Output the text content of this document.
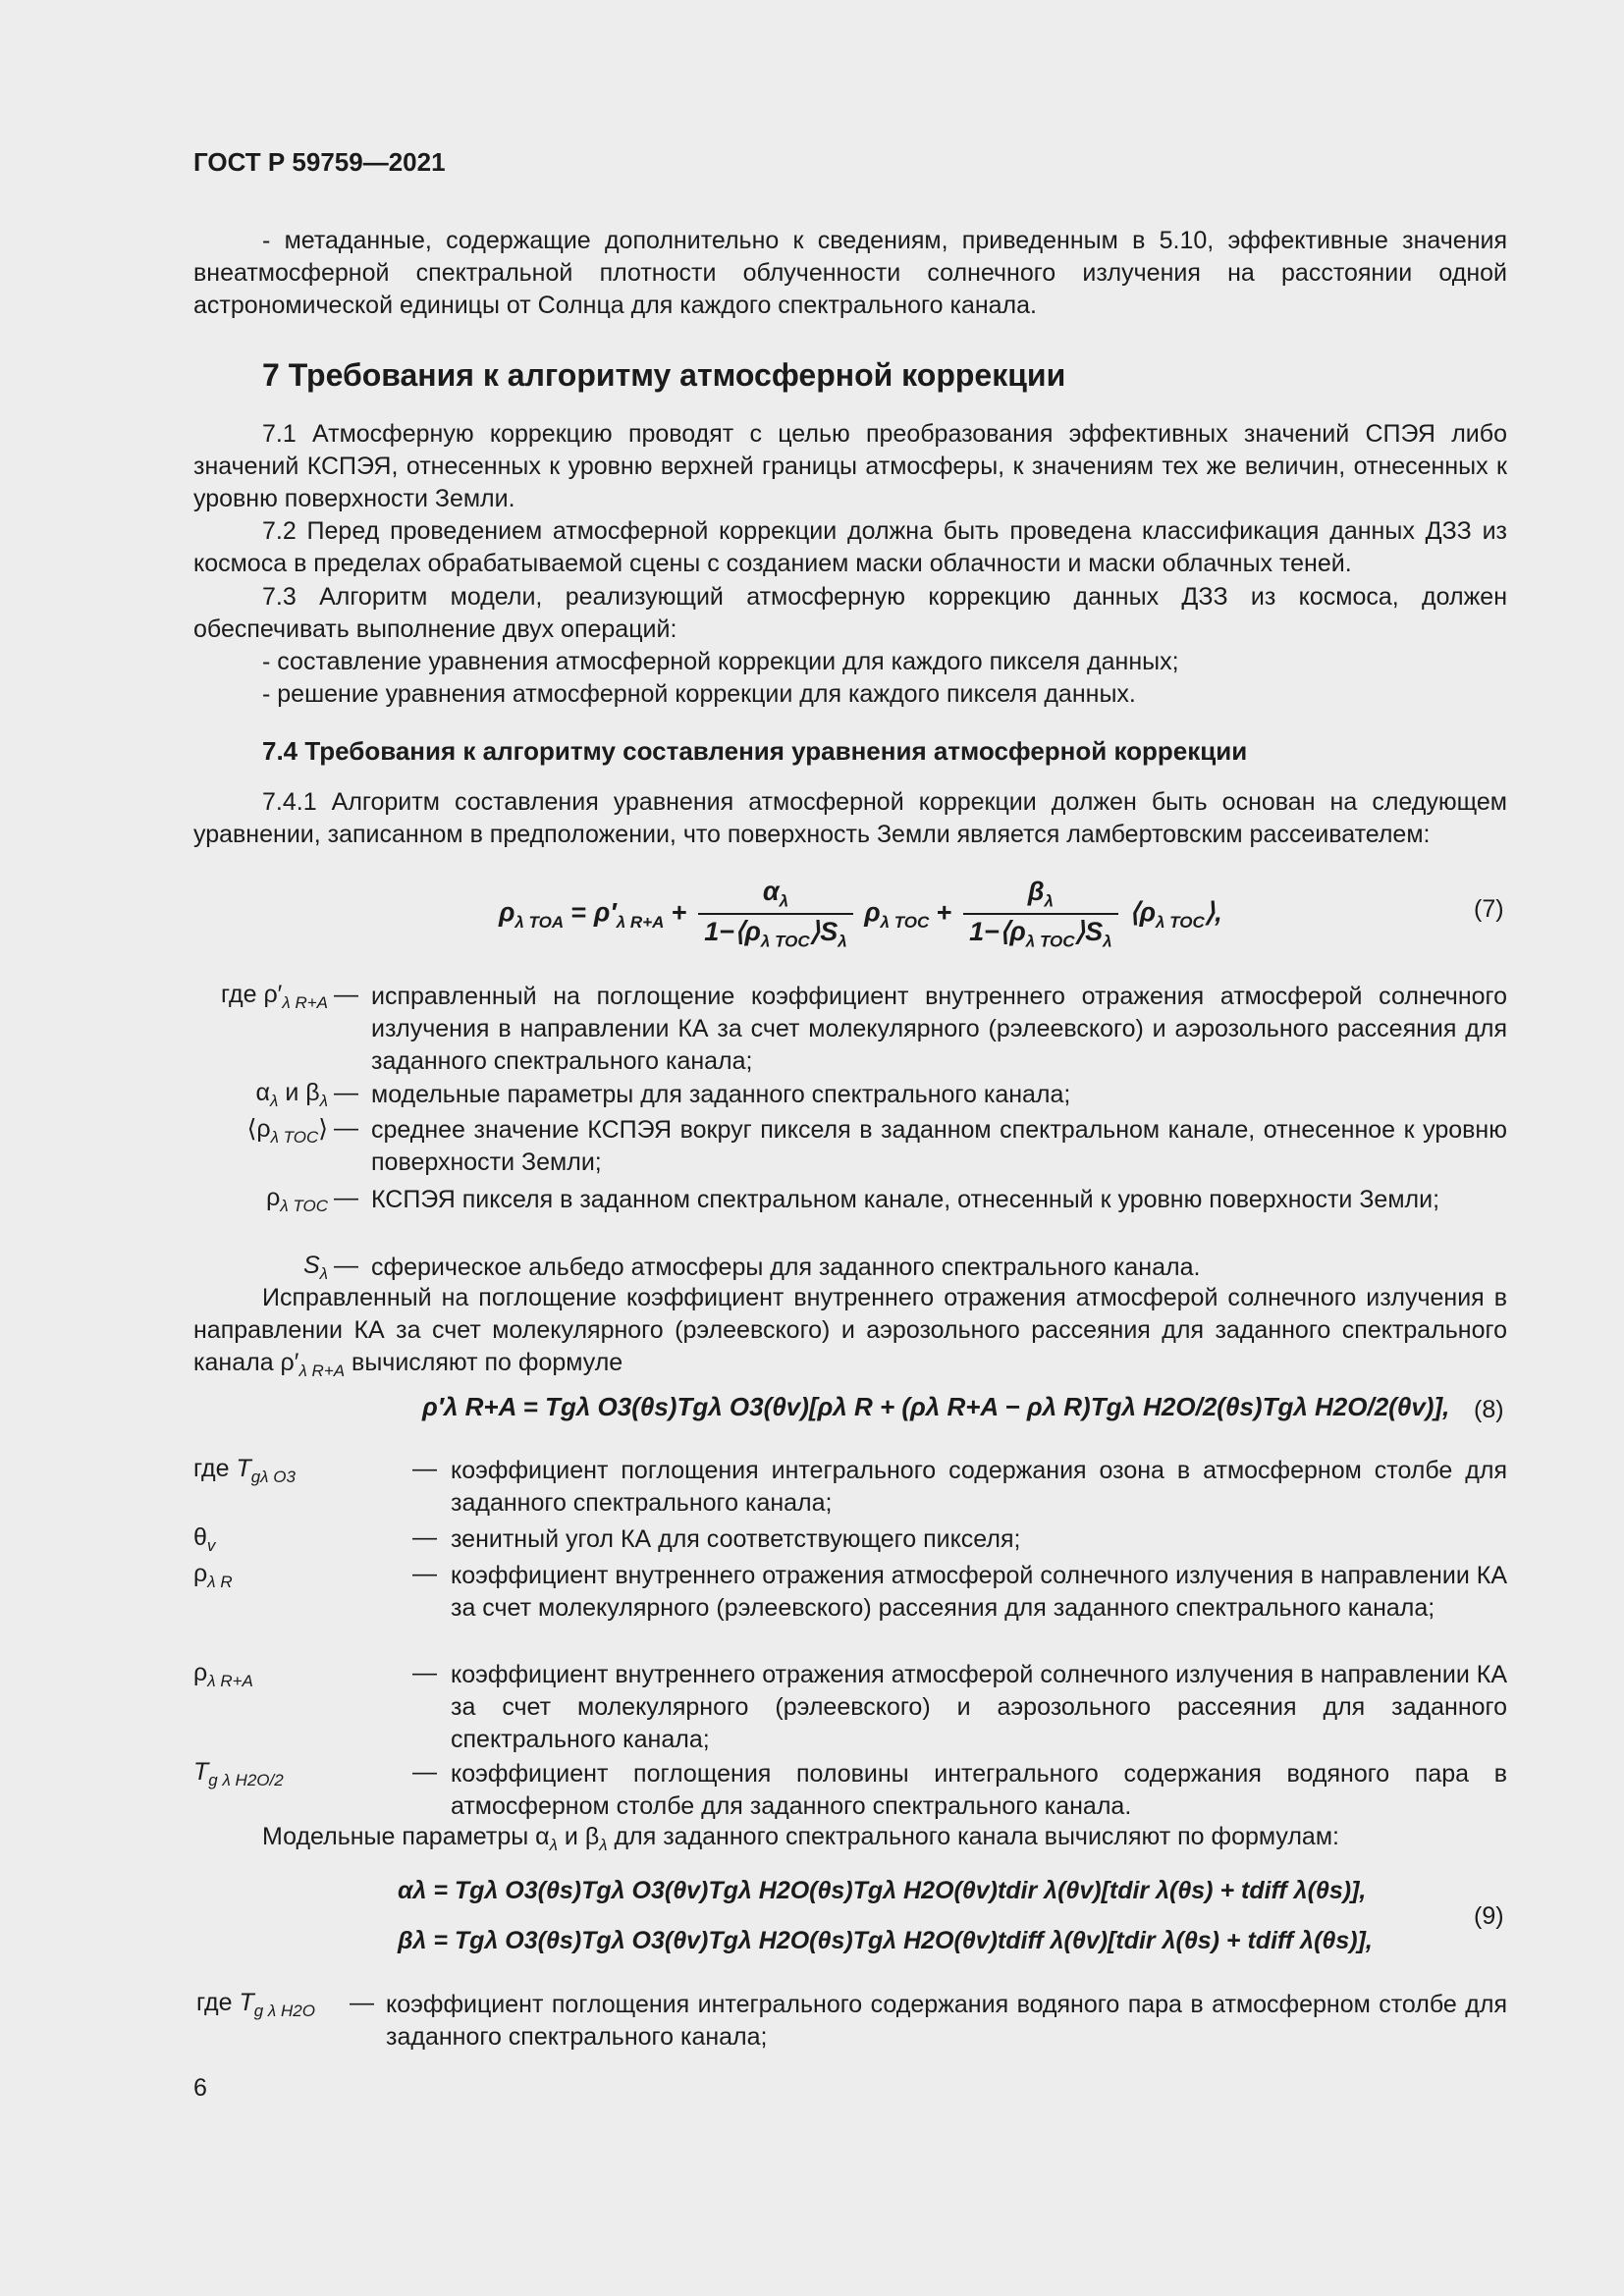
ГОСТ Р 59759—2021
- метаданные, содержащие дополнительно к сведениям, приведенным в 5.10, эффективные значения внеатмосферной спектральной плотности облученности солнечного излучения на расстоянии одной астрономической единицы от Солнца для каждого спектрального канала.
7 Требования к алгоритму атмосферной коррекции
7.1 Атмосферную коррекцию проводят с целью преобразования эффективных значений СПЭЯ либо значений КСПЭЯ, отнесенных к уровню верхней границы атмосферы, к значениям тех же величин, отнесенных к уровню поверхности Земли.
7.2 Перед проведением атмосферной коррекции должна быть проведена классификация данных ДЗЗ из космоса в пределах обрабатываемой сцены с созданием маски облачности и маски облачных теней.
7.3 Алгоритм модели, реализующий атмосферную коррекцию данных ДЗЗ из космоса, должен обеспечивать выполнение двух операций:
- составление уравнения атмосферной коррекции для каждого пикселя данных;
- решение уравнения атмосферной коррекции для каждого пикселя данных.
7.4 Требования к алгоритму составления уравнения атмосферной коррекции
7.4.1 Алгоритм составления уравнения атмосферной коррекции должен быть основан на следующем уравнении, записанном в предположении, что поверхность Земли является ламбертовским рассеивателем:
$\rho_{\lambda TOA} = \rho'_{\lambda R+A} + \frac{\alpha_\lambda}{1-⟨\rho_{\lambda TOC}⟩S_\lambda} \rho_{\lambda TOC} + \frac{\beta_\lambda}{1-⟨\rho_{\lambda TOC}⟩S_\lambda}$ $⟨\rho_{\lambda TOC}⟩$,	(7)
где $\rho'_{\lambda R+A}$ — исправленный на поглощение коэффициент внутреннего отражения атмосферой солнечного излучения в направлении КА за счет молекулярного (рэлеевского) и аэрозольного рассеяния для заданного спектрального канала;
$\alpha_\lambda$ и $\beta_\lambda$ — модельные параметры для заданного спектрального канала;
$⟨\rho_{\lambda TOC}⟩$ — среднее значение КСПЭЯ вокруг пикселя в заданном спектральном канале, отнесенное к уровню поверхности Земли;
$\rho_{\lambda TOC}$ — КСПЭЯ пикселя в заданном спектральном канале, отнесенный к уровню поверхности Земли;
$S_\lambda$ — сферическое альбедо атмосферы для заданного спектрального канала.
Исправленный на поглощение коэффициент внутреннего отражения атмосферой солнечного излучения в направлении КА за счет молекулярного (рэлеевского) и аэрозольного рассеяния для заданного спектрального канала $\rho'_{\lambda R+A}$ вычисляют по формуле
ρ′λ R+A = Tgλ O3(θs)Tgλ O3(θv)[ρλ R + (ρλ R+A − ρλ R)Tgλ H2O/2(θs)Tgλ H2O/2(θv)], (8)
где $T_{g\lambda O3}$	— коэффициент поглощения интегрального содержания озона в атмосферном столбе для заданного спектрального канала;
$\theta_v$	— зенитный угол КА для соответствующего пикселя;
$\rho_{\lambda R}$	— коэффициент внутреннего отражения атмосферой солнечного излучения в направлении КА за счет молекулярного (рэлеевского) рассеяния для заданного спектрального канала;
$\rho_{\lambda R+A}$	— коэффициент внутреннего отражения атмосферой солнечного излучения в направлении КА за счет молекулярного (рэлеевского) и аэрозольного рассеяния для заданного спектрального канала;
$T_{g \lambda H2O/2}$	— коэффициент поглощения половины интегрального содержания водяного пара в атмосферном столбе для заданного спектрального канала.
Модельные параметры $\alpha_\lambda$ и $\beta_\lambda$ для заданного спектрального канала вычисляют по формулам:
αλ = Tgλ O3(θs)Tgλ O3(θv)Tgλ H2O(θs)Tgλ H2O(θv)tdir λ(θv)[tdir λ(θs) + tdiff λ(θs)],
βλ = Tgλ O3(θs)Tgλ O3(θv)Tgλ H2O(θs)Tgλ H2O(θv)tdiff λ(θv)[tdir λ(θs) + tdiff λ(θs)],
(9)
где $T_{g \lambda H2O}$ — коэффициент поглощения интегрального содержания водяного пара в атмосферном столбе для заданного спектрального канала;
6
